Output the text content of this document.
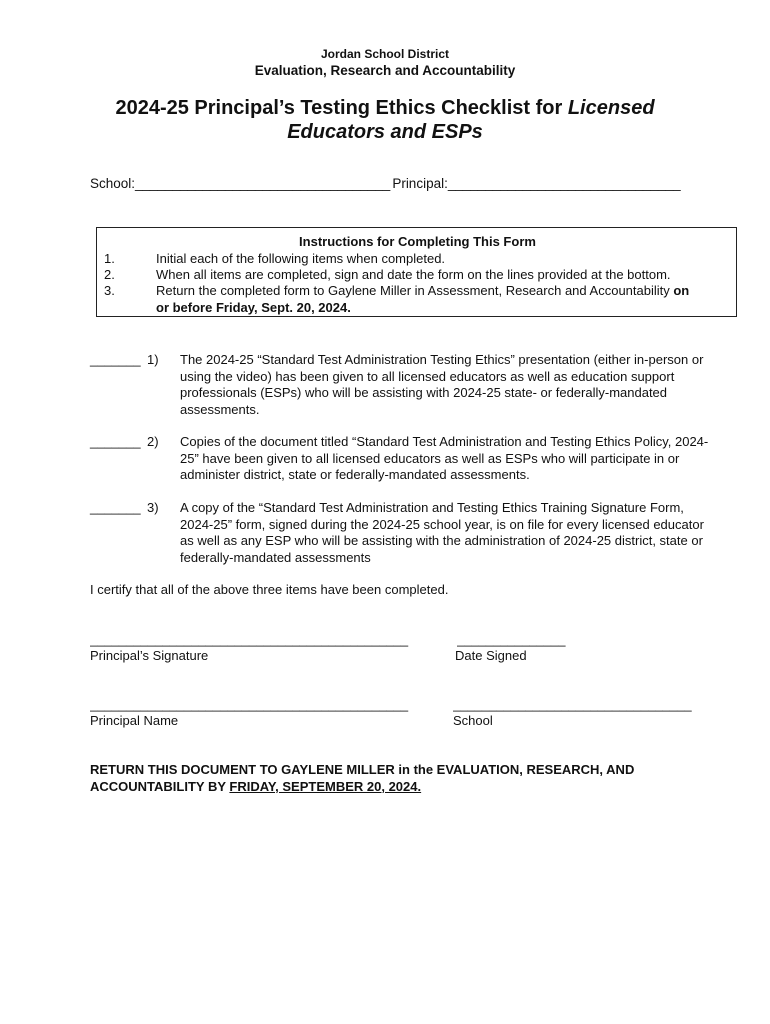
Jordan School District
Evaluation, Research and Accountability
2024-25 Principal’s Testing Ethics Checklist for Licensed
Educators and ESPs
School:__________________________________ Principal:_______________________________
Instructions for Completing This Form
1.	Initial each of the following items when completed.
2.	When all items are completed, sign and date the form on the lines provided at the bottom.
3.	Return the completed form to Gaylene Miller in Assessment, Research and Accountability on
or before Friday, Sept. 20, 2024.
_______ 1) The 2024-25 “Standard Test Administration Testing Ethics” presentation (either in-person or using the video) has been given to all licensed educators as well as education support professionals (ESPs) who will be assisting with 2024-25 state- or federally-mandated assessments.
_______ 2) Copies of the document titled “Standard Test Administration and Testing Ethics Policy, 2024-25” have been given to all licensed educators as well as ESPs who will participate in or administer district, state or federally-mandated assessments.
_______ 3) A copy of the “Standard Test Administration and Testing Ethics Training Signature Form, 2024-25” form, signed during the 2024-25 school year, is on file for every licensed educator as well as any ESP who will be assisting with the administration of 2024-25 district, state or federally-mandated assessments
I certify that all of the above three items have been completed.
____________________________________________
Principal’s Signature
_______________
Date Signed
____________________________________________
Principal Name
_________________________________
School
RETURN THIS DOCUMENT TO GAYLENE MILLER in the EVALUATION, RESEARCH, AND ACCOUNTABILITY BY FRIDAY, SEPTEMBER 20, 2024.
